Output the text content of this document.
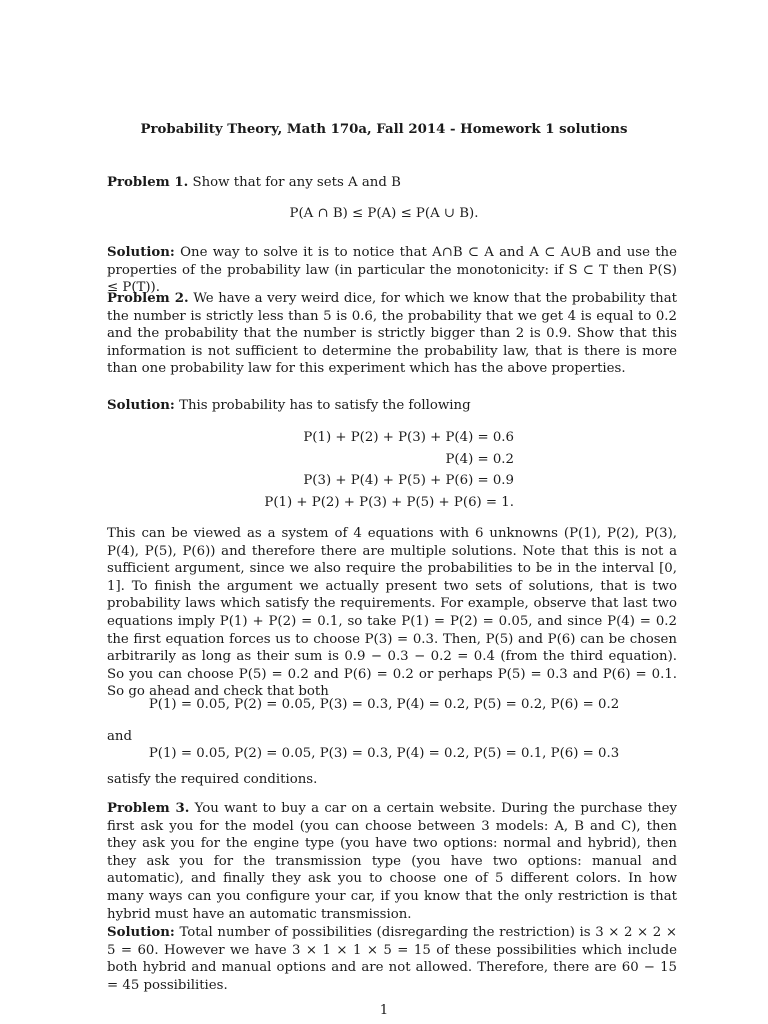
Probability Theory, Math 170a, Fall 2014 - Homework 1 solutions
Problem 1. Show that for any sets A and B
P(A ∩ B) ≤ P(A) ≤ P(A ∪ B).
Solution: One way to solve it is to notice that A∩B ⊂ A and A ⊂ A∪B and use the properties of the probability law (in particular the monotonicity: if S ⊂ T then P(S) ≤ P(T)).
Problem 2. We have a very weird dice, for which we know that the probability that the number is strictly less than 5 is 0.6, the probability that we get 4 is equal to 0.2 and the probability that the number is strictly bigger than 2 is 0.9. Show that this information is not sufficient to determine the probability law, that is there is more than one probability law for this experiment which has the above properties.
Solution: This probability has to satisfy the following
P(1) + P(2) + P(3) + P(4) = 0.6
P(4) = 0.2
P(3) + P(4) + P(5) + P(6) = 0.9
P(1) + P(2) + P(3) + P(5) + P(6) = 1.
This can be viewed as a system of 4 equations with 6 unknowns (P(1), P(2), P(3), P(4), P(5), P(6)) and therefore there are multiple solutions. Note that this is not a sufficient argument, since we also require the probabilities to be in the interval [0, 1]. To finish the argument we actually present two sets of solutions, that is two probability laws which satisfy the requirements. For example, observe that last two equations imply P(1) + P(2) = 0.1, so take P(1) = P(2) = 0.05, and since P(4) = 0.2 the first equation forces us to choose P(3) = 0.3. Then, P(5) and P(6) can be chosen arbitrarily as long as their sum is 0.9 − 0.3 − 0.2 = 0.4 (from the third equation). So you can choose P(5) = 0.2 and P(6) = 0.2 or perhaps P(5) = 0.3 and P(6) = 0.1. So go ahead and check that both
P(1) = 0.05, P(2) = 0.05, P(3) = 0.3, P(4) = 0.2, P(5) = 0.2, P(6) = 0.2
and
P(1) = 0.05, P(2) = 0.05, P(3) = 0.3, P(4) = 0.2, P(5) = 0.1, P(6) = 0.3
satisfy the required conditions.
Problem 3. You want to buy a car on a certain website. During the purchase they first ask you for the model (you can choose between 3 models: A, B and C), then they ask you for the engine type (you have two options: normal and hybrid), then they ask you for the transmission type (you have two options: manual and automatic), and finally they ask you to choose one of 5 different colors. In how many ways can you configure your car, if you know that the only restriction is that hybrid must have an automatic transmission.
Solution: Total number of possibilities (disregarding the restriction) is 3 × 2 × 2 × 5 = 60. However we have 3 × 1 × 1 × 5 = 15 of these possibilities which include both hybrid and manual options and are not allowed. Therefore, there are 60 − 15 = 45 possibilities.
1
